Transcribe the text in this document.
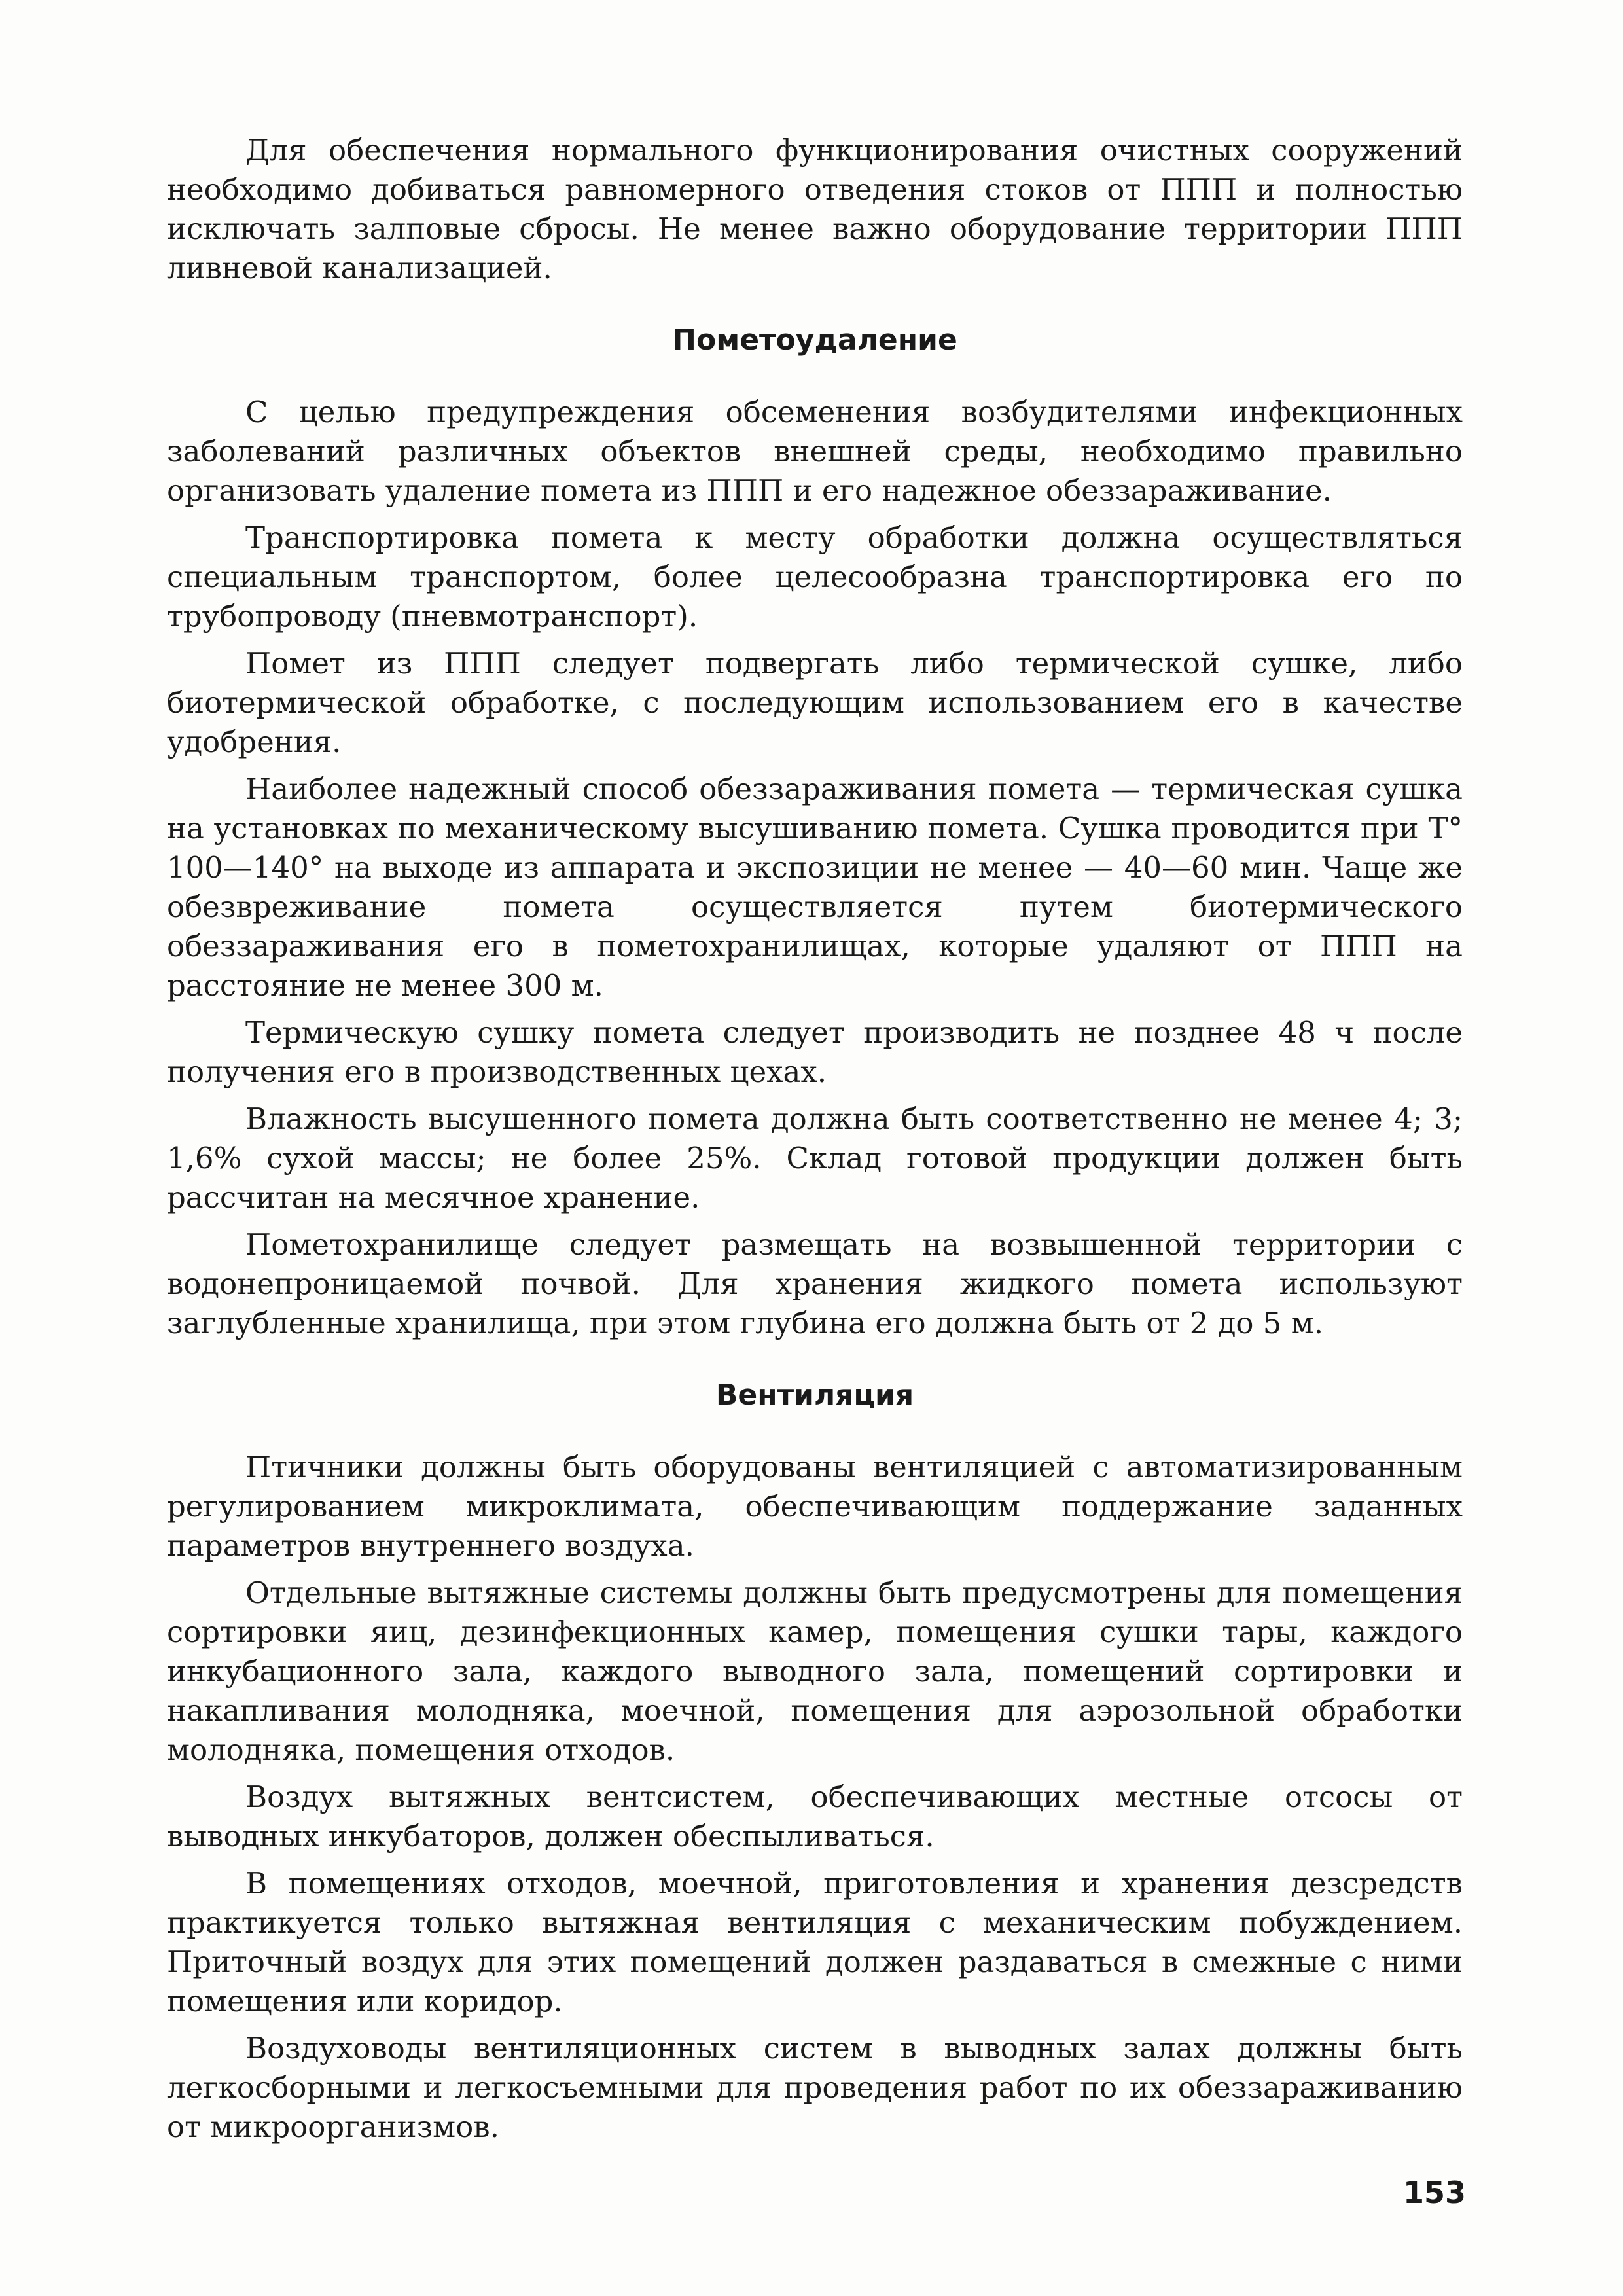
Для обеспечения нормального функционирования очистных сооружений необходимо добиваться равномерного отведения стоков от ППП и полностью исключать залповые сбросы. Не менее важно оборудование территории ППП ливневой канализацией.

Пометоудаление

С целью предупреждения обсеменения возбудителями инфекционных заболеваний различных объектов внешней среды, необходимо правильно организовать удаление помета из ППП и его надежное обеззараживание.

Транспортировка помета к месту обработки должна осуществляться специальным транспортом, более целесообразна транспортировка его по трубопроводу (пневмотранспорт).

Помет из ППП следует подвергать либо термической сушке, либо биотермической обработке, с последующим использованием его в качестве удобрения.

Наиболее надежный способ обеззараживания помета — термическая сушка на установках по механическому высушиванию помета. Сушка проводится при Т° 100—140° на выходе из аппарата и экспозиции не менее — 40—60 мин. Чаще же обезвреживание помета осуществляется путем биотермического обеззараживания его в пометохранилищах, которые удаляют от ППП на расстояние не менее 300 м.

Термическую сушку помета следует производить не позднее 48 ч после получения его в производственных цехах.

Влажность высушенного помета должна быть соответственно не менее 4; 3; 1,6% сухой массы; не более 25%. Склад готовой продукции должен быть рассчитан на месячное хранение.

Пометохранилище следует размещать на возвышенной территории с водонепроницаемой почвой. Для хранения жидкого помета используют заглубленные хранилища, при этом глубина его должна быть от 2 до 5 м.

Вентиляция

Птичники должны быть оборудованы вентиляцией с автоматизированным регулированием микроклимата, обеспечивающим поддержание заданных параметров внутреннего воздуха.

Отдельные вытяжные системы должны быть предусмотрены для помещения сортировки яиц, дезинфекционных камер, помещения сушки тары, каждого инкубационного зала, каждого выводного зала, помещений сортировки и накапливания молодняка, моечной, помещения для аэрозольной обработки молодняка, помещения отходов.

Воздух вытяжных вентсистем, обеспечивающих местные отсосы от выводных инкубаторов, должен обеспыливаться.

В помещениях отходов, моечной, приготовления и хранения дезсредств практикуется только вытяжная вентиляция с механическим побуждением. Приточный воздух для этих помещений должен раздаваться в смежные с ними помещения или коридор.

Воздуховоды вентиляционных систем в выводных залах должны быть легкосборными и легкосъемными для проведения работ по их обеззараживанию от микроорганизмов.

153
